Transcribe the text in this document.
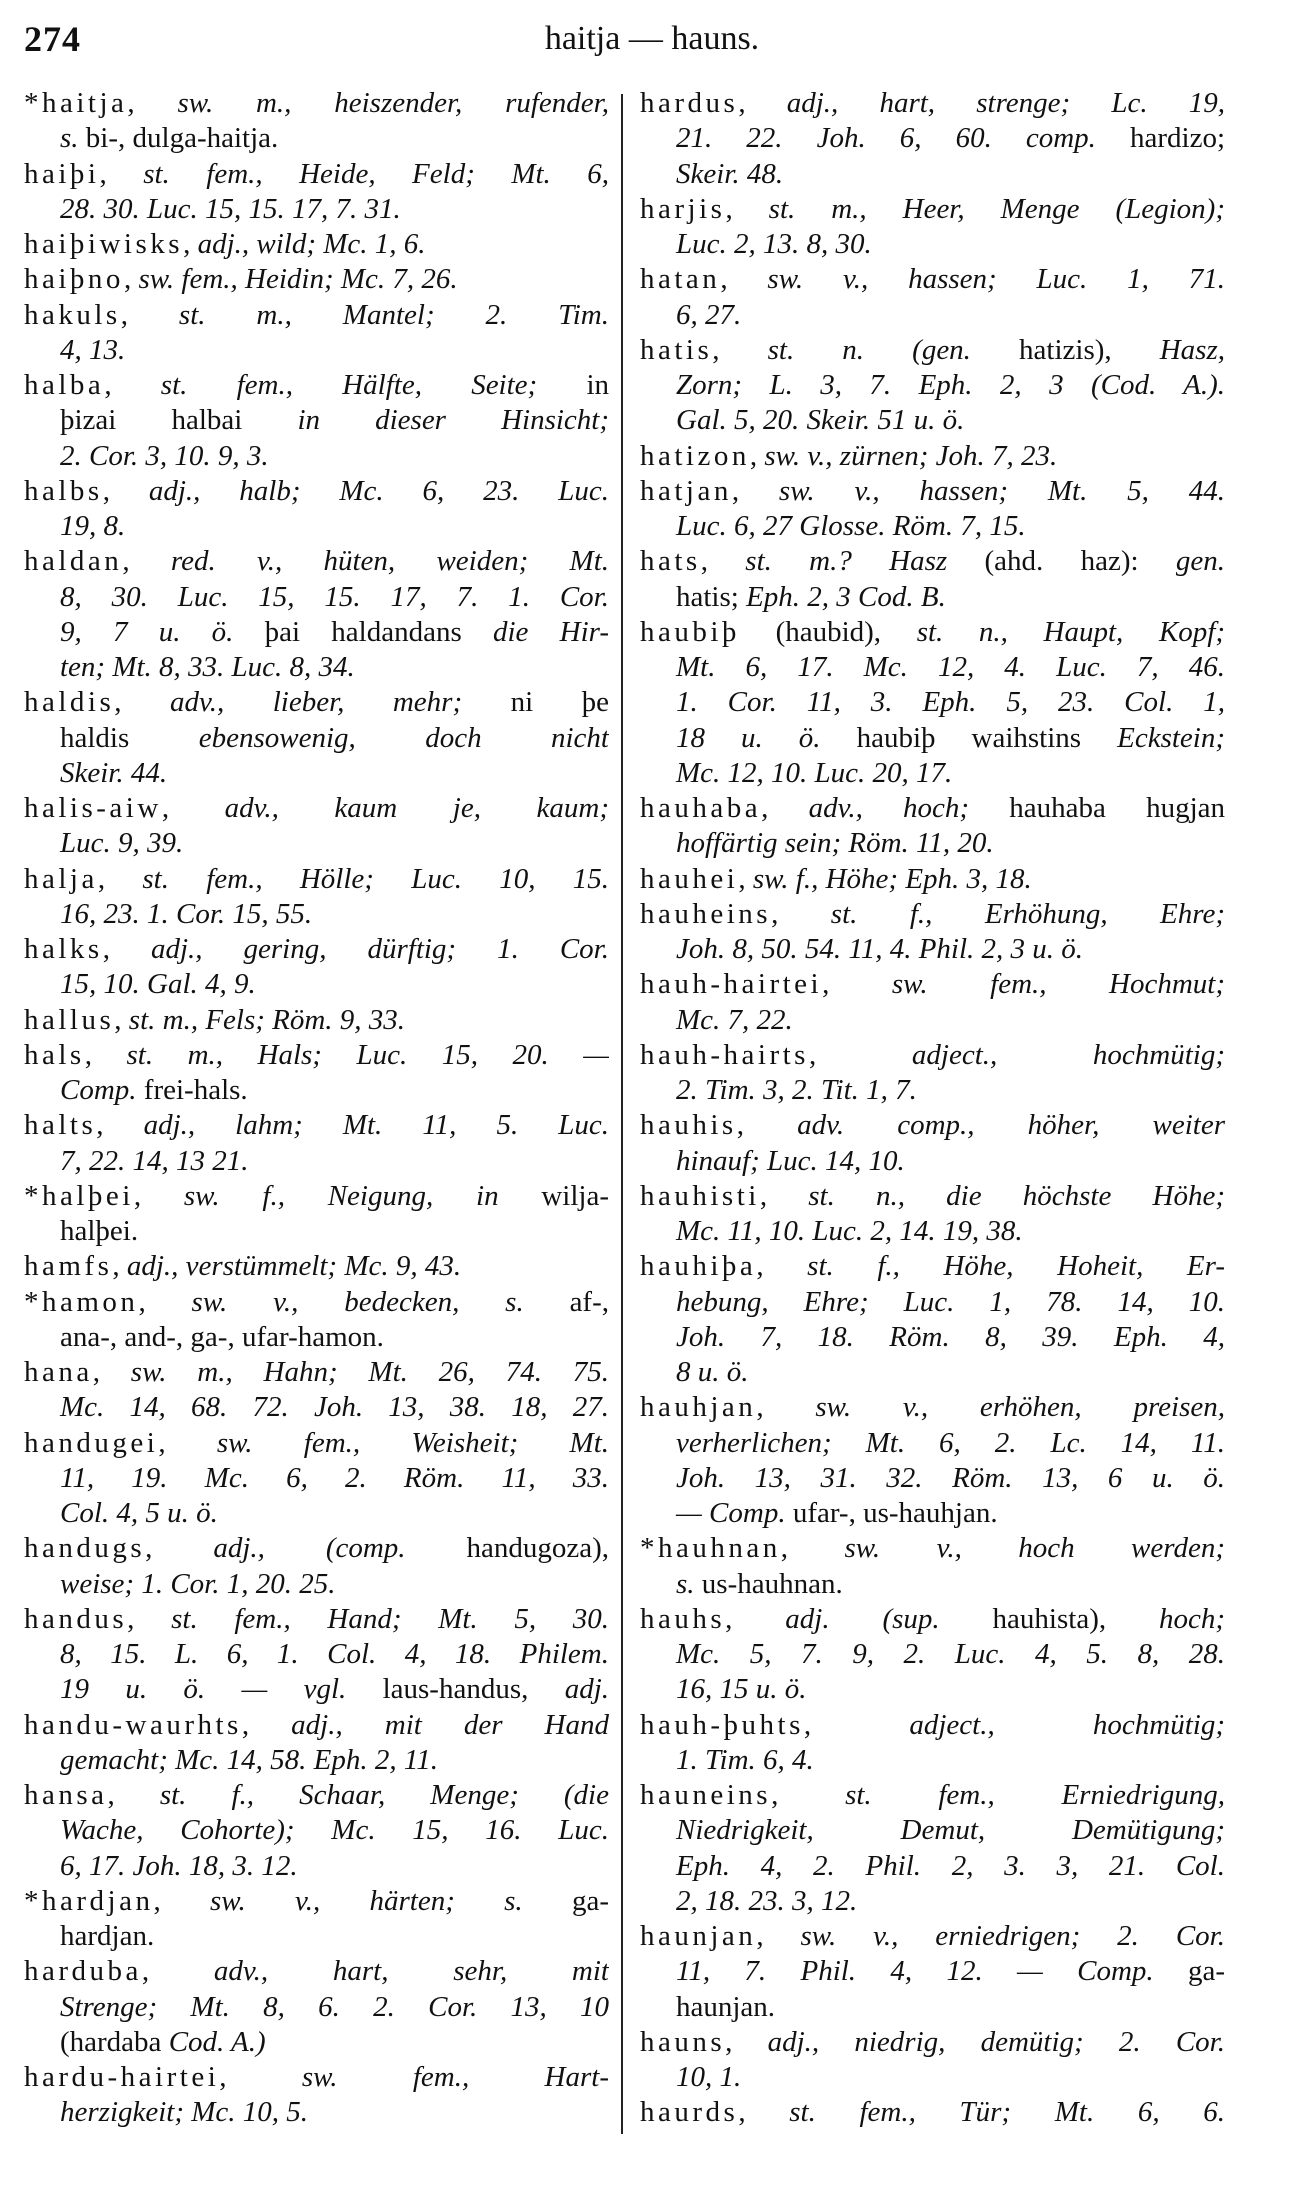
274	haitja — hauns.
*haitja, sw. m., heiszender, rufender,
s. bi-, dulga-haitja.
haiþi, st. fem., Heide, Feld; Mt. 6,
28. 30. Luc. 15, 15. 17, 7. 31.
haiþiwisks, adj., wild; Mc. 1, 6.
haiþno, sw. fem., Heidin; Mc. 7, 26.
hakuls, st. m., Mantel; 2. Tim.
4, 13.
halba, st. fem., Hälfte, Seite; in
þizai halbai in dieser Hinsicht;
2. Cor. 3, 10. 9, 3.
halbs, adj., halb; Mc. 6, 23. Luc.
19, 8.
haldan, red. v., hüten, weiden; Mt.
8, 30. Luc. 15, 15. 17, 7. 1. Cor.
9, 7 u. ö. þai haldandans die Hir-
ten; Mt. 8, 33. Luc. 8, 34.
haldis, adv., lieber, mehr; ni þe
haldis ebensowenig, doch nicht
Skeir. 44.
halis-aiw, adv., kaum je, kaum;
Luc. 9, 39.
halja, st. fem., Hölle; Luc. 10, 15.
16, 23. 1. Cor. 15, 55.
halks, adj., gering, dürftig; 1. Cor.
15, 10. Gal. 4, 9.
hallus, st. m., Fels; Röm. 9, 33.
hals, st. m., Hals; Luc. 15, 20. —
Comp. frei-hals.
halts, adj., lahm; Mt. 11, 5. Luc.
7, 22. 14, 13 21.
*halþei, sw. f., Neigung, in wilja-
halþei.
hamfs, adj., verstümmelt; Mc. 9, 43.
*hamon, sw. v., bedecken, s. af-,
ana-, and-, ga-, ufar-hamon.
hana, sw. m., Hahn; Mt. 26, 74. 75.
Mc. 14, 68. 72. Joh. 13, 38. 18, 27.
handugei, sw. fem., Weisheit; Mt.
11, 19. Mc. 6, 2. Röm. 11, 33.
Col. 4, 5 u. ö.
handugs, adj., (comp. handugoza),
weise; 1. Cor. 1, 20. 25.
handus, st. fem., Hand; Mt. 5, 30.
8, 15. L. 6, 1. Col. 4, 18. Philem.
19 u. ö. — vgl. laus-handus, adj.
handu-waurhts, adj., mit der Hand
gemacht; Mc. 14, 58. Eph. 2, 11.
hansa, st. f., Schaar, Menge; (die
Wache, Cohorte); Mc. 15, 16. Luc.
6, 17. Joh. 18, 3. 12.
*hardjan, sw. v., härten; s. ga-
hardjan.
harduba, adv., hart, sehr, mit
Strenge; Mt. 8, 6. 2. Cor. 13, 10
(hardaba Cod. A.)
hardu-hairtei, sw. fem., Hart-
herzigkeit; Mc. 10, 5.
hardus, adj., hart, strenge; Lc. 19,
21. 22. Joh. 6, 60. comp. hardizo;
Skeir. 48.
harjis, st. m., Heer, Menge (Legion);
Luc. 2, 13. 8, 30.
hatan, sw. v., hassen; Luc. 1, 71.
6, 27.
hatis, st. n. (gen. hatizis), Hasz,
Zorn; L. 3, 7. Eph. 2, 3 (Cod. A.).
Gal. 5, 20. Skeir. 51 u. ö.
hatizon, sw. v., zürnen; Joh. 7, 23.
hatjan, sw. v., hassen; Mt. 5, 44.
Luc. 6, 27 Glosse. Röm. 7, 15.
hats, st. m.? Hasz (ahd. haz): gen.
hatis; Eph. 2, 3 Cod. B.
haubiþ (haubid), st. n., Haupt, Kopf;
Mt. 6, 17. Mc. 12, 4. Luc. 7, 46.
1. Cor. 11, 3. Eph. 5, 23. Col. 1,
18 u. ö. haubiþ waihstins Eckstein;
Mc. 12, 10. Luc. 20, 17.
hauhaba, adv., hoch; hauhaba hugjan
hoffärtig sein; Röm. 11, 20.
hauhei, sw. f., Höhe; Eph. 3, 18.
hauheins, st. f., Erhöhung, Ehre;
Joh. 8, 50. 54. 11, 4. Phil. 2, 3 u. ö.
hauh-hairtei, sw. fem., Hochmut;
Mc. 7, 22.
hauh-hairts, adject., hochmütig;
2. Tim. 3, 2. Tit. 1, 7.
hauhis, adv. comp., höher, weiter
hinauf; Luc. 14, 10.
hauhisti, st. n., die höchste Höhe;
Mc. 11, 10. Luc. 2, 14. 19, 38.
hauhiþa, st. f., Höhe, Hoheit, Er-
hebung, Ehre; Luc. 1, 78. 14, 10.
Joh. 7, 18. Röm. 8, 39. Eph. 4,
8 u. ö.
hauhjan, sw. v., erhöhen, preisen,
verherlichen; Mt. 6, 2. Lc. 14, 11.
Joh. 13, 31. 32. Röm. 13, 6 u. ö.
— Comp. ufar-, us-hauhjan.
*hauhnan, sw. v., hoch werden;
s. us-hauhnan.
hauhs, adj. (sup. hauhista), hoch;
Mc. 5, 7. 9, 2. Luc. 4, 5. 8, 28.
16, 15 u. ö.
hauh-þuhts, adject., hochmütig;
1. Tim. 6, 4.
hauneins, st. fem., Erniedrigung,
Niedrigkeit, Demut, Demütigung;
Eph. 4, 2. Phil. 2, 3. 3, 21. Col.
2, 18. 23. 3, 12.
haunjan, sw. v., erniedrigen; 2. Cor.
11, 7. Phil. 4, 12. — Comp. ga-
haunjan.
hauns, adj., niedrig, demütig; 2. Cor.
10, 1.
haurds, st. fem., Tür; Mt. 6, 6.
